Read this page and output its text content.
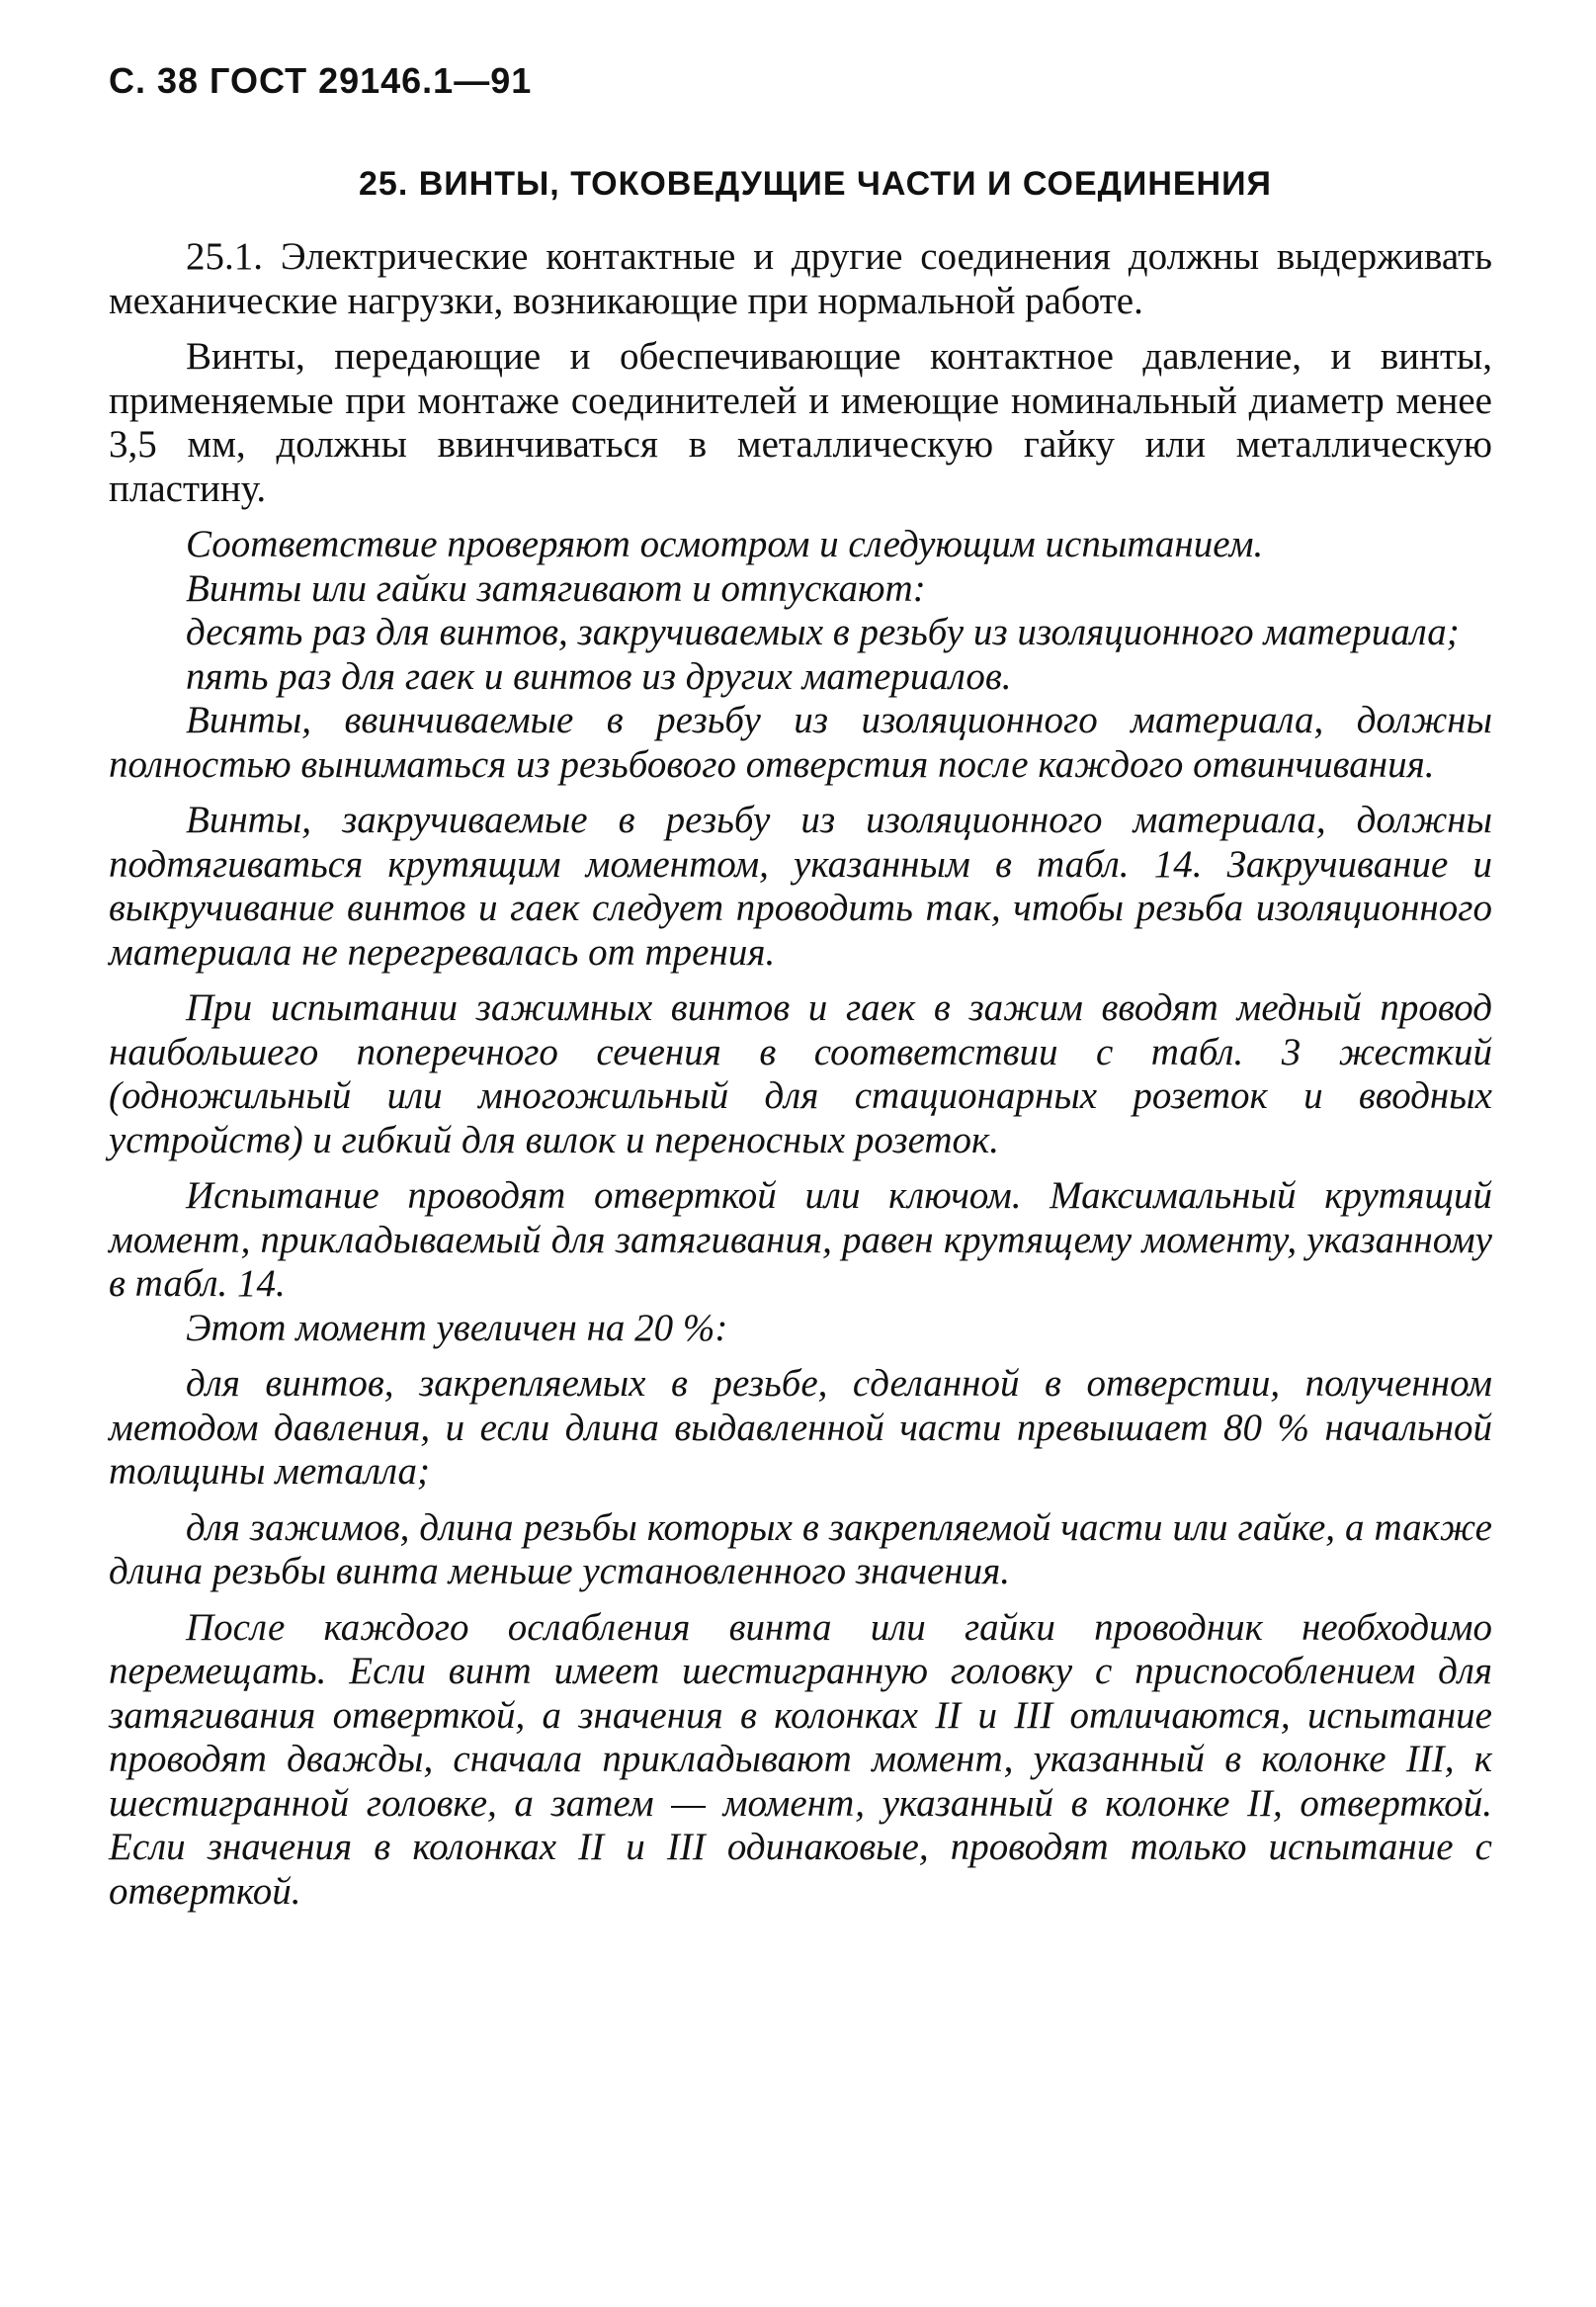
С. 38 ГОСТ 29146.1—91
25. ВИНТЫ, ТОКОВЕДУЩИЕ ЧАСТИ И СОЕДИНЕНИЯ

25.1. Электрические контактные и другие соединения должны выдерживать механические нагрузки, возникающие при нормальной работе.

Винты, передающие и обеспечивающие контактное давление, и винты, применяемые при монтаже соединителей и имеющие номинальный диаметр менее 3,5 мм, должны ввинчиваться в металлическую гайку или металлическую пластину.

Соответствие проверяют осмотром и следующим испытанием.

Винты или гайки затягивают и отпускают:

десять раз для винтов, закручиваемых в резьбу из изоляционного материала;

пять раз для гаек и винтов из других материалов.

Винты, ввинчиваемые в резьбу из изоляционного материала, должны полностью выниматься из резьбового отверстия после каждого отвинчивания.

Винты, закручиваемые в резьбу из изоляционного материала, должны подтягиваться крутящим моментом, указанным в табл. 14. Закручивание и выкручивание винтов и гаек следует проводить так, чтобы резьба изоляционного материала не перегревалась от трения.

При испытании зажимных винтов и гаек в зажим вводят медный провод наибольшего поперечного сечения в соответствии с табл. 3 жесткий (одножильный или многожильный для стационарных розеток и вводных устройств) и гибкий для вилок и переносных розеток.

Испытание проводят отверткой или ключом. Максимальный крутящий момент, прикладываемый для затягивания, равен крутящему моменту, указанному в табл. 14.

Этот момент увеличен на 20 %:

для винтов, закрепляемых в резьбе, сделанной в отверстии, полученном методом давления, и если длина выдавленной части превышает 80 % начальной толщины металла;

для зажимов, длина резьбы которых в закрепляемой части или гайке, а также длина резьбы винта меньше установленного значения.

После каждого ослабления винта или гайки проводник необходимо перемещать. Если винт имеет шестигранную головку с приспособлением для затягивания отверткой, а значения в колонках II и III отличаются, испытание проводят дважды, сначала прикладывают момент, указанный в колонке III, к шестигранной головке, а затем — момент, указанный в колонке II, отверткой. Если значения в колонках II и III одинаковые, проводят только испытание с отверткой.
